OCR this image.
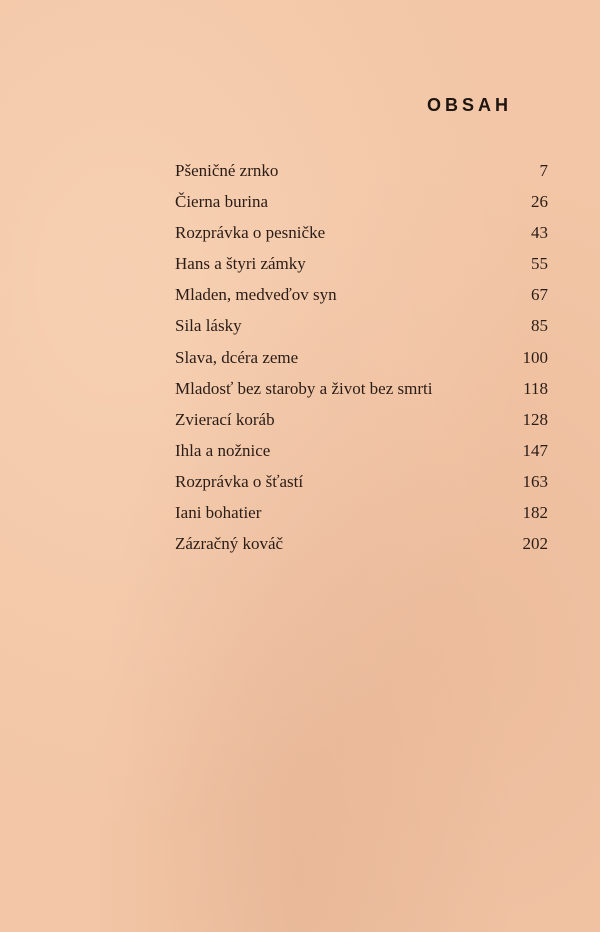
OBSAH
Pšeničné zrnko	7
Čierna burina	26
Rozprávka o pesničke	43
Hans a štyri zámky	55
Mladen, medveďov syn	67
Sila lásky	85
Slava, dcéra zeme	100
Mladosť bez staroby a život bez smrti	118
Zvierací koráb	128
Ihla a nožnice	147
Rozprávka o šťastí	163
Iani bohatier	182
Zázračný kováč	202
